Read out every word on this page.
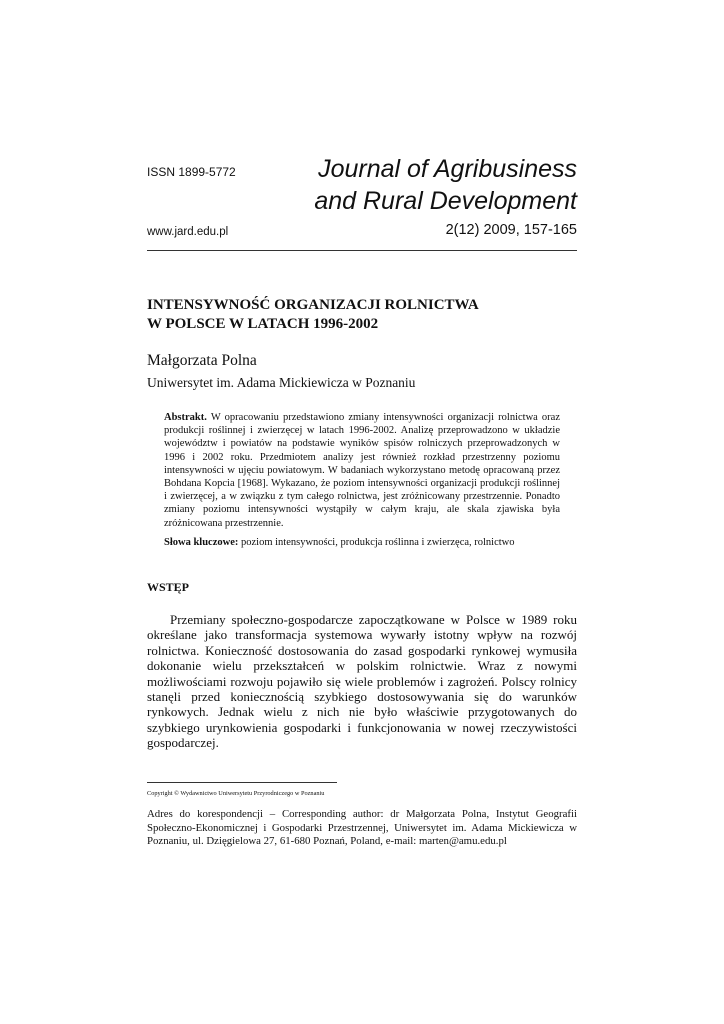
ISSN 1899-5772	Journal of Agribusiness
and Rural Development
www.jard.edu.pl	2(12) 2009, 157-165
INTENSYWNOŚĆ ORGANIZACJI ROLNICTWA
W POLSCE W LATACH 1996-2002
Małgorzata Polna
Uniwersytet im. Adama Mickiewicza w Poznaniu
Abstrakt. W opracowaniu przedstawiono zmiany intensywności organizacji rolnictwa oraz produkcji roślinnej i zwierzęcej w latach 1996-2002. Analizę przeprowadzono w układzie województw i powiatów na podstawie wyników spisów rolniczych przeprowadzonych w 1996 i 2002 roku. Przedmiotem analizy jest również rozkład przestrzenny poziomu intensywności w ujęciu powiatowym. W badaniach wykorzystano metodę opracowaną przez Bohdana Kopcia [1968]. Wykazano, że poziom intensywności organizacji produkcji roślinnej i zwierzęcej, a w związku z tym całego rolnictwa, jest zróżnicowany przestrzennie. Ponadto zmiany poziomu intensywności wystąpiły w całym kraju, ale skala zjawiska była zróżnicowana przestrzennie.
Słowa kluczowe: poziom intensywności, produkcja roślinna i zwierzęca, rolnictwo
WSTĘP
Przemiany społeczno-gospodarcze zapoczątkowane w Polsce w 1989 roku określane jako transformacja systemowa wywarły istotny wpływ na rozwój rolnictwa. Konieczność dostosowania do zasad gospodarki rynkowej wymusiła dokonanie wielu przekształceń w polskim rolnictwie. Wraz z nowymi możliwościami rozwoju pojawiło się wiele problemów i zagrożeń. Polscy rolnicy stanęli przed koniecznością szybkiego dostosowywania się do warunków rynkowych. Jednak wielu z nich nie było właściwie przygotowanych do szybkiego urynkowienia gospodarki i funkcjonowania w nowej rzeczywistości gospodarczej.
Copyright © Wydawnictwo Uniwersytetu Przyrodniczego w Poznaniu
Adres do korespondencji – Corresponding author: dr Małgorzata Polna, Instytut Geografii Społeczno-Ekonomicznej i Gospodarki Przestrzennej, Uniwersytet im. Adama Mickiewicza w Poznaniu, ul. Dzięgielowa 27, 61-680 Poznań, Poland, e-mail: marten@amu.edu.pl
